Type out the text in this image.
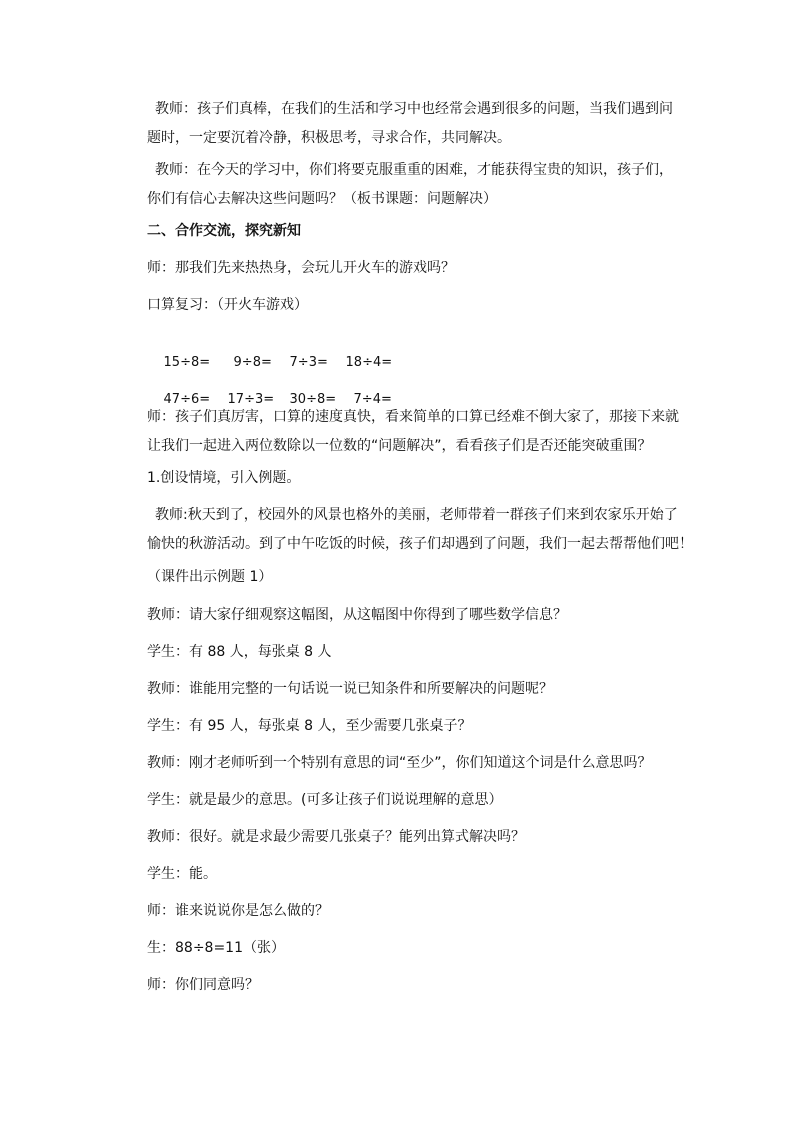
教师：孩子们真棒，在我们的生活和学习中也经常会遇到很多的问题，当我们遇到问
题时，一定要沉着冷静，积极思考，寻求合作，共同解决。
教师：在今天的学习中，你们将要克服重重的困难，才能获得宝贵的知识，孩子们，
你们有信心去解决这些问题吗？（板书课题：问题解决）
二、合作交流，探究新知
师：那我们先来热热身，会玩儿开火车的游戏吗？
口算复习：（开火车游戏）

15÷8= 9÷8= 7÷3= 18÷4=

47÷6= 17÷3= 30÷8= 7÷4=

师：孩子们真厉害，口算的速度真快，看来简单的口算已经难不倒大家了，那接下来就
让我们一起进入两位数除以一位数的“问题解决”，看看孩子们是否还能突破重围？
1.创设情境，引入例题。
教师:秋天到了，校园外的风景也格外的美丽，老师带着一群孩子们来到农家乐开始了
愉快的秋游活动。到了中午吃饭的时候，孩子们却遇到了问题，我们一起去帮帮他们吧！
（课件出示例题 1）
教师：请大家仔细观察这幅图，从这幅图中你得到了哪些数学信息？
学生：有 88 人，每张桌 8 人
教师：谁能用完整的一句话说一说已知条件和所要解决的问题呢？
学生：有 95 人，每张桌 8 人，至少需要几张桌子？
教师：刚才老师听到一个特别有意思的词“至少”，你们知道这个词是什么意思吗？
学生：就是最少的意思。(可多让孩子们说说理解的意思）
教师：很好。就是求最少需要几张桌子？能列出算式解决吗？
学生：能。
师：谁来说说你是怎么做的？
生：88÷8=11（张）
师：你们同意吗？
